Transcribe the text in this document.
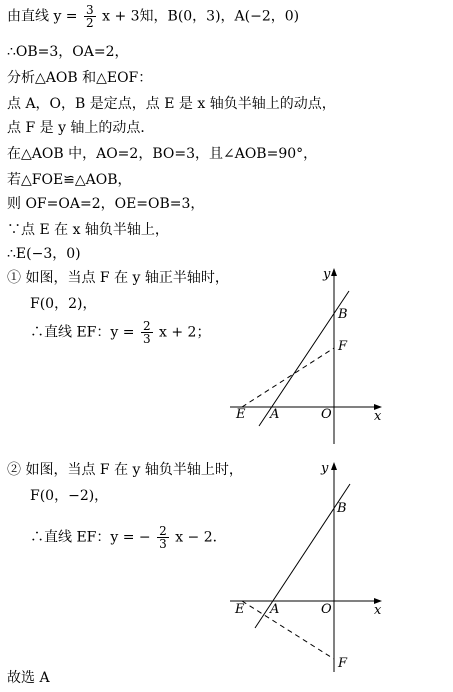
由直线 $y = \frac{3}{2}$ x + 3知，B(0，3)，A(−2，0)
∴OB=3，OA=2，
分析△AOB 和△EOF：
点 A，O，B 是定点，点 E 是 x 轴负半轴上的动点，
点 F 是 y 轴上的动点．
在△AOB 中，AO=2，BO=3，且∠AOB=90°，
若△FOE≌△AOB，
则 OF=OA=2，OE=OB=3，
∵点 E 在 x 轴负半轴上，
∴E(−3，0)
① 如图，当点 F 在 y 轴正半轴时，
F(0，2)，
∴直线 EF：$y = \frac{2}{3}$ x + 2；
② 如图，当点 F 在 y 轴负半轴上时，
F(0，−2)，
∴直线 EF：y = − $\frac{2}{3}$ x − 2．
故选 A
y
B
F
E A	O	x
y
B
E A	O	x
F
